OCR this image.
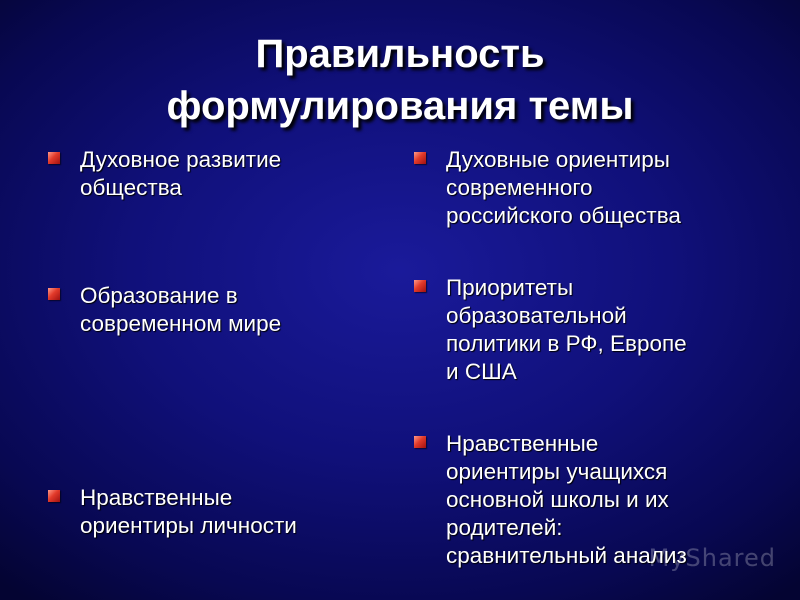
Правильность
формулирования темы
Духовное развитие
общества
Образование в
современном мире
Нравственные
ориентиры личности
Духовные ориентиры
современного
российского общества
Приоритеты
образовательной
политики в РФ, Европе
и США
Нравственные
ориентиры учащихся
основной школы и их
родителей:
сравнительный анализ
MyShared
